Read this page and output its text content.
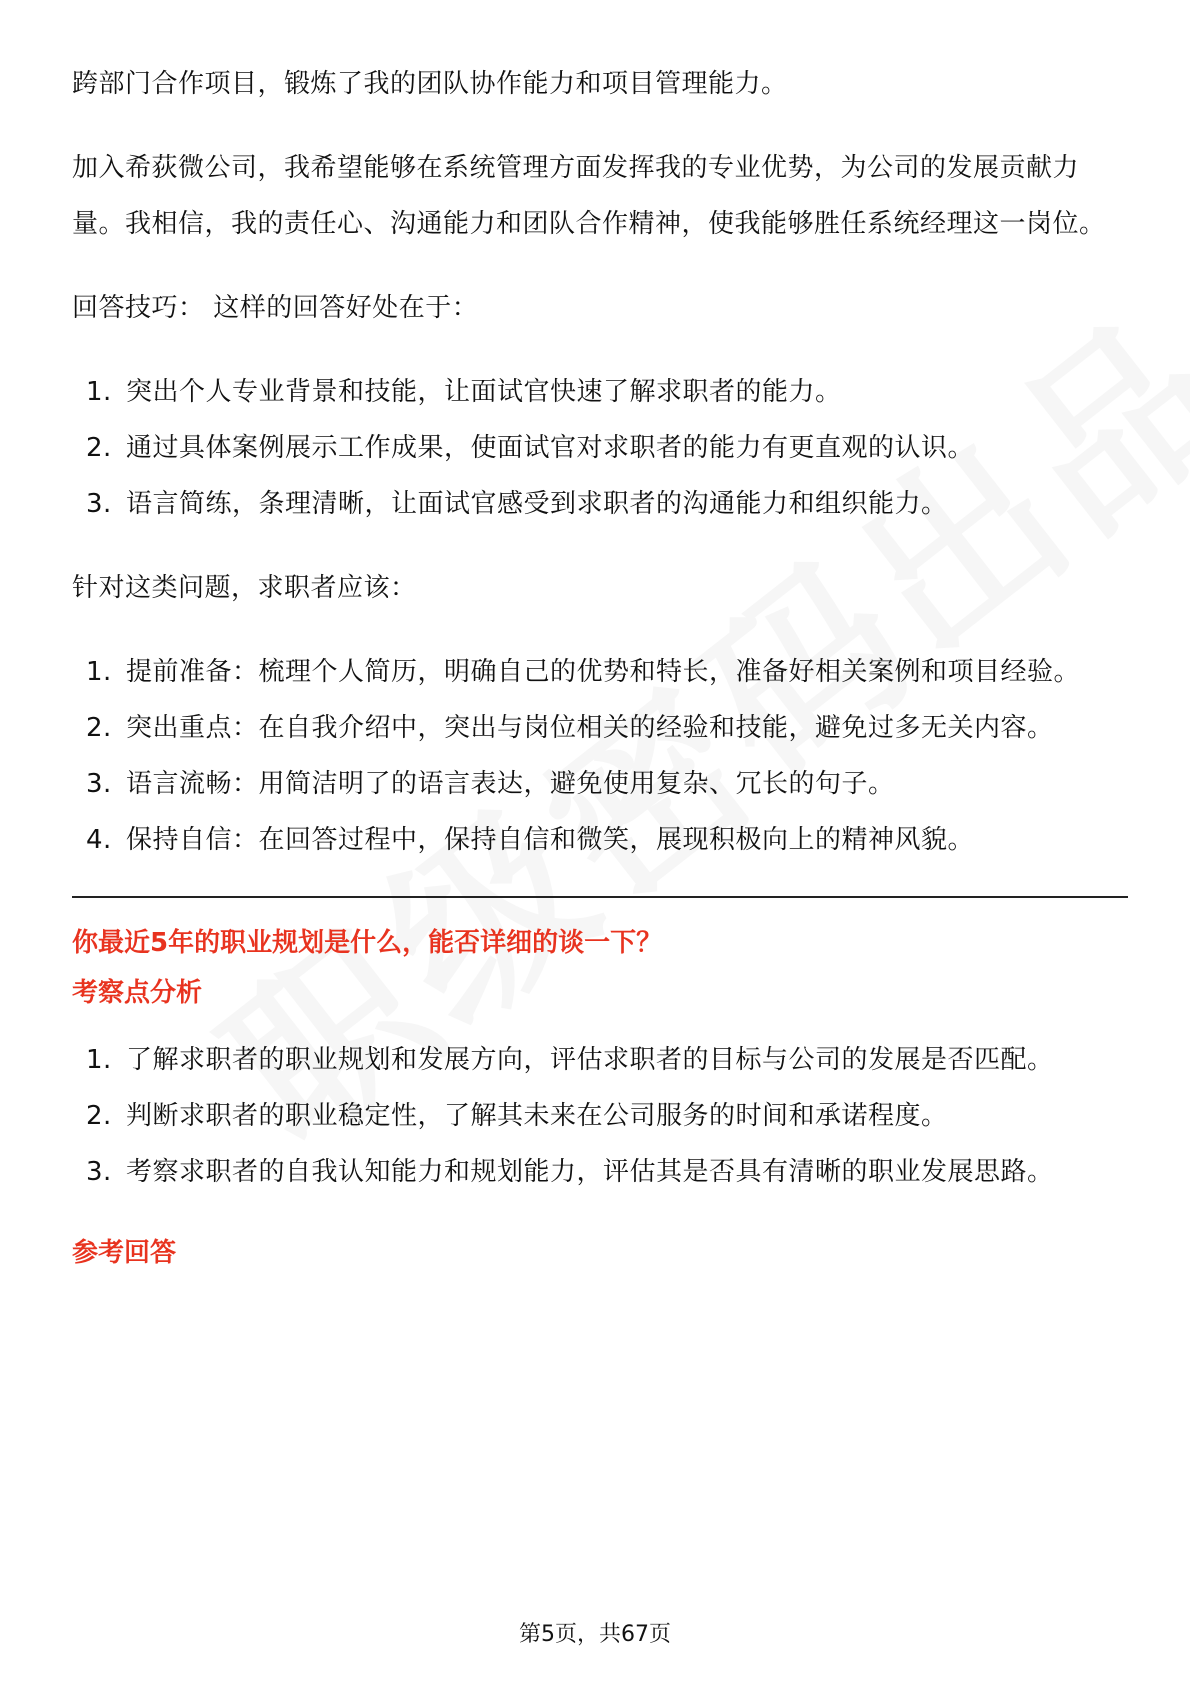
跨部门合作项目，锻炼了我的团队协作能力和项目管理能力。

加入希荻微公司，我希望能够在系统管理方面发挥我的专业优势，为公司的发展贡献力量。我相信，我的责任心、沟通能力和团队合作精神，使我能够胜任系统经理这一岗位。

回答技巧： 这样的回答好处在于：

1. 突出个人专业背景和技能，让面试官快速了解求职者的能力。
2. 通过具体案例展示工作成果，使面试官对求职者的能力有更直观的认识。
3. 语言简练，条理清晰，让面试官感受到求职者的沟通能力和组织能力。

针对这类问题，求职者应该：

1. 提前准备：梳理个人简历，明确自己的优势和特长，准备好相关案例和项目经验。
2. 突出重点：在自我介绍中，突出与岗位相关的经验和技能，避免过多无关内容。
3. 语言流畅：用简洁明了的语言表达，避免使用复杂、冗长的句子。
4. 保持自信：在回答过程中，保持自信和微笑，展现积极向上的精神风貌。

你最近5年的职业规划是什么，能否详细的谈一下？

考察点分析

1. 了解求职者的职业规划和发展方向，评估求职者的目标与公司的发展是否匹配。
2. 判断求职者的职业稳定性，了解其未来在公司服务的时间和承诺程度。
3. 考察求职者的自我认知能力和规划能力，评估其是否具有清晰的职业发展思路。

参考回答

第5页，共67页
